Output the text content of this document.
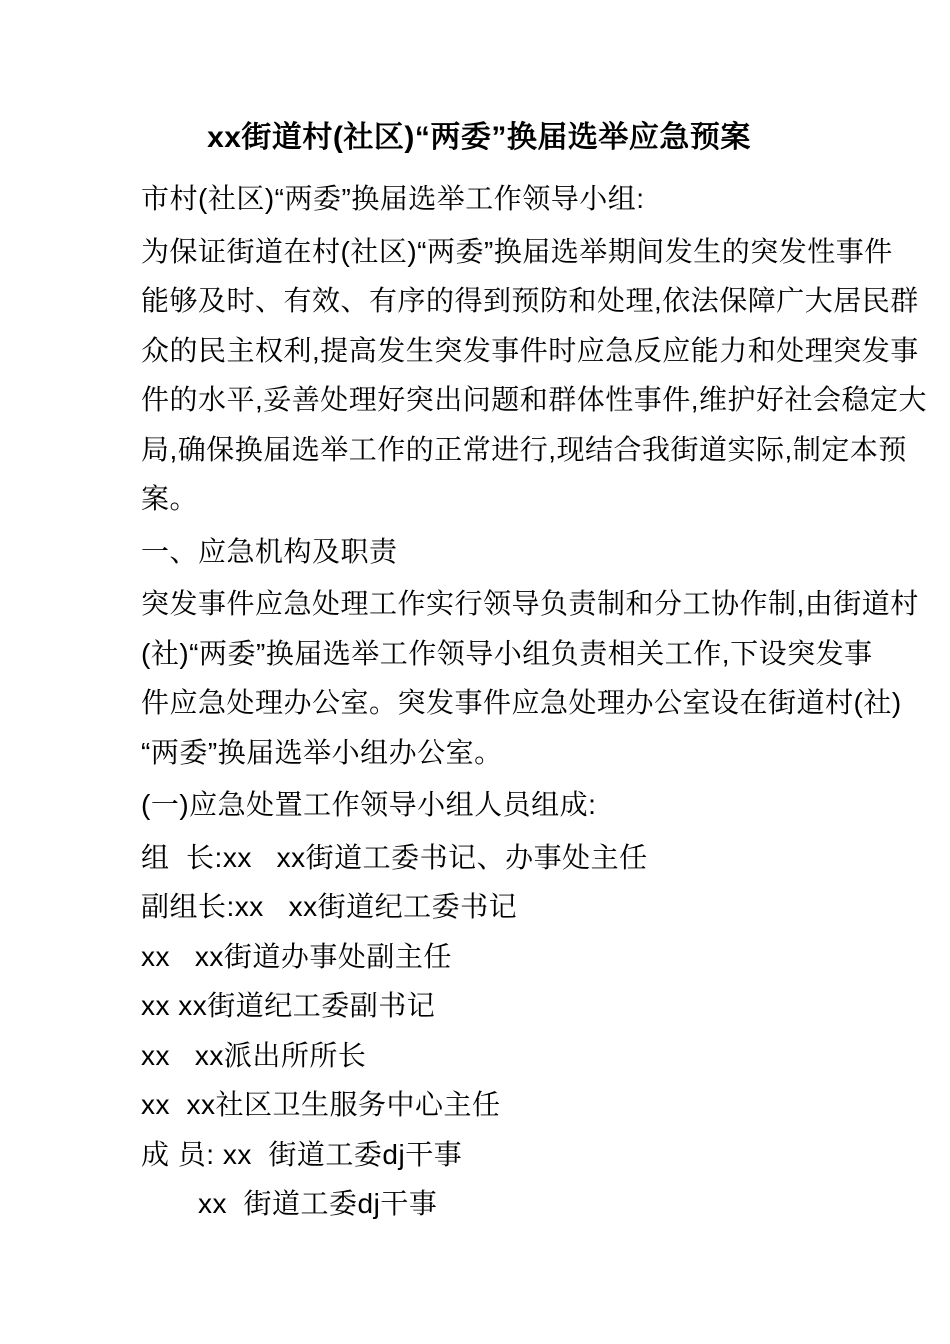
xx街道村(社区)“两委”换届选举应急预案
市村(社区)“两委”换届选举工作领导小组:
为保证街道在村(社区)“两委”换届选举期间发生的突发性事件
能够及时、有效、有序的得到预防和处理,依法保障广大居民群
众的民主权利,提高发生突发事件时应急反应能力和处理突发事
件的水平,妥善处理好突出问题和群体性事件,维护好社会稳定大
局,确保换届选举工作的正常进行,现结合我街道实际,制定本预
案。
一、应急机构及职责
突发事件应急处理工作实行领导负责制和分工协作制,由街道村
(社)“两委”换届选举工作领导小组负责相关工作,下设突发事
件应急处理办公室。突发事件应急处理办公室设在街道村(社)
“两委”换届选举小组办公室。
(一)应急处置工作领导小组人员组成:
组  长:xx   xx街道工委书记、办事处主任
副组长:xx   xx街道纪工委书记
xx   xx街道办事处副主任
xx xx街道纪工委副书记
xx   xx派出所所长
xx  xx社区卫生服务中心主任
成 员: xx  街道工委dj干事
xx  街道工委dj干事
